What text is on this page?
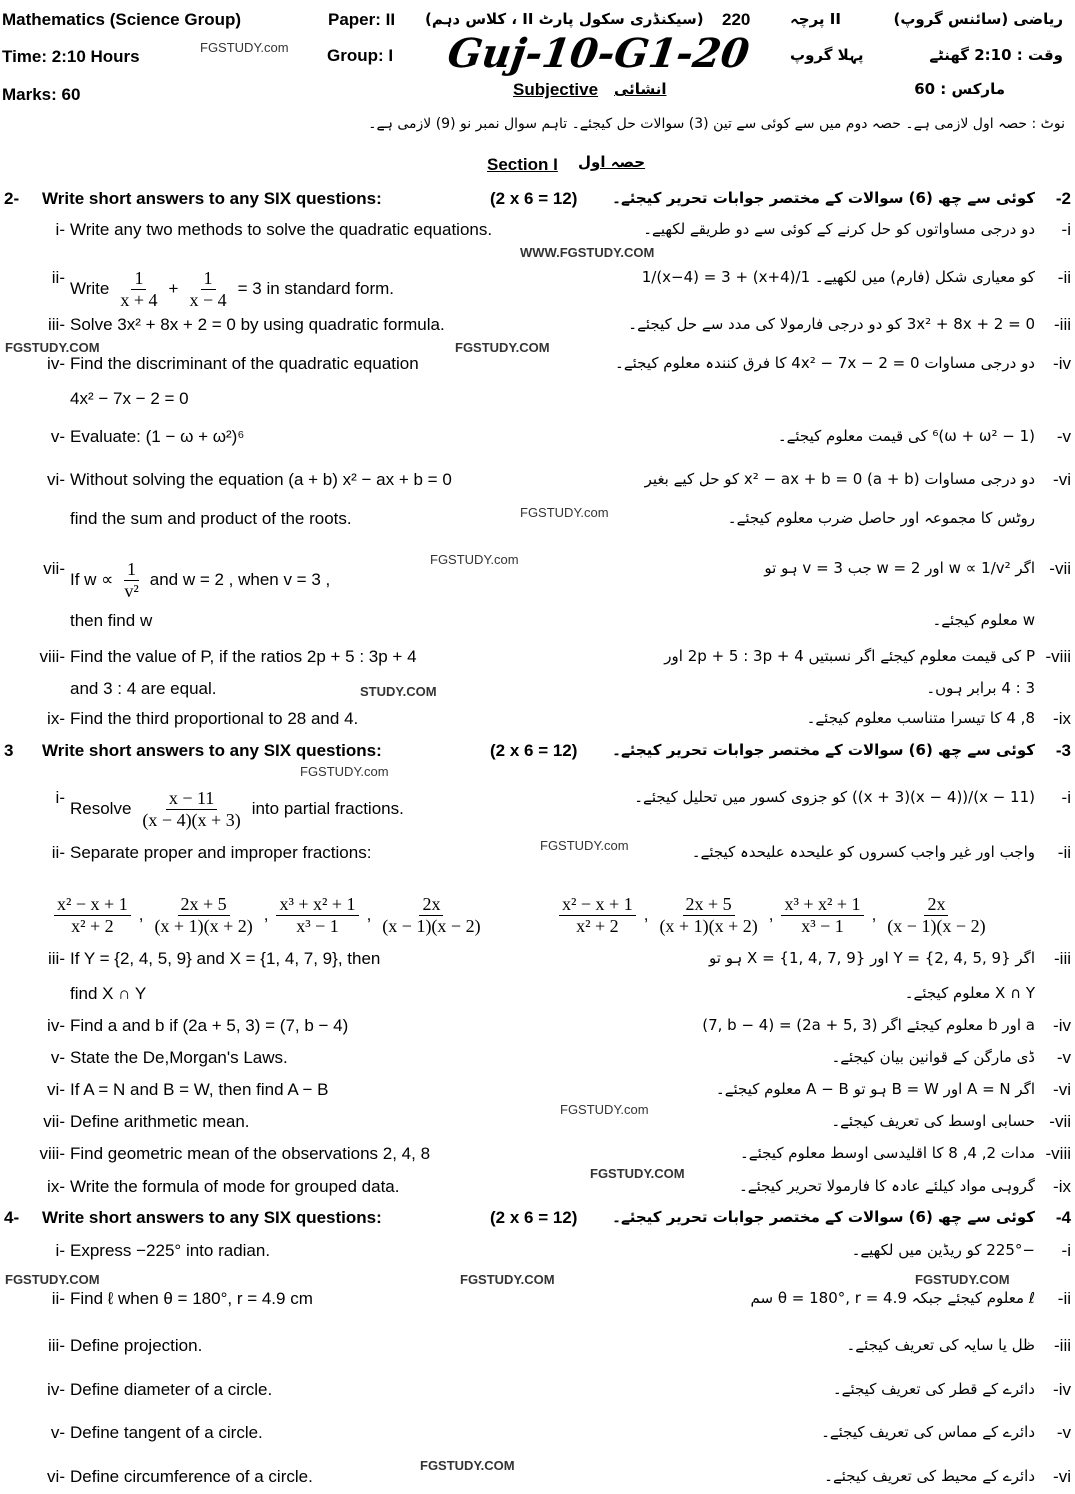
Mathematics (Science Group)
Time: 2:10 Hours
Marks: 60
Paper: II
Group: I
(سیکنڈری سکول پارٹ II ، کلاس دہم) 220	II پرچہ	ریاضی (سائنس گروپ)
Guj-10-G1-20	پہلا گروپ	وقت : 2:10 گھنٹے
Subjective انشائی	مارکس : 60
نوٹ : حصہ اول لازمی ہے۔ حصہ دوم میں سے کوئی سے تین (3) سوالات حل کیجئے۔ تاہم سوال نمبر نو (9) لازمی ہے۔
Section I حصہ اول
2- Write short answers to any SIX questions:	(2 x 6 = 12) کوئی سے چھ (6) سوالات کے مختصر جوابات تحریر کیجئے۔ -2
i- Write any two methods to solve the quadratic equations.	دو درجی مساواتوں کو حل کرنے کے کوئی سے دو طریقے لکھیے۔ -i
ii-
Write $\frac{1}{x + 4} + \frac{1}{x - 4} = 3$ in standard form.
کو معیاری شکل (فارم) میں لکھیے۔ 1/(x+4) + 1/(x−4) = 3 -ii
iii- Solve 3x² + 8x + 2 = 0 by using quadratic formula.	3x² + 8x + 2 = 0 کو دو درجی فارمولا کی مدد سے حل کیجئے۔ -iii
iv- Find the discriminant of the quadratic equation	دو درجی مساوات 4x² − 7x − 2 = 0 کا فرق کنندہ معلوم کیجئے۔ -iv
4x² − 7x − 2 = 0
v- Evaluate: (1 − ω + ω²)⁶	(1 − ω + ω²)⁶ کی قیمت معلوم کیجئے۔ -v
vi- Without solving the equation (a + b) x² − ax + b = 0	دو درجی مساوات (a + b) x² − ax + b = 0 کو حل کیے بغیر -vi
find the sum and product of the roots.	روٹس کا مجموعہ اور حاصل ضرب معلوم کیجئے۔
vii-
If $w \propto \frac{1}{\text{v²}}$ and w = 2 , when v = 3 ,
اگر w ∝ 1/v² اور w = 2 جب v = 3 ہو تو -vii
then find w	w معلوم کیجئے۔
viii- Find the value of P, if the ratios 2p + 5 : 3p + 4	P کی قیمت معلوم کیجئے اگر نسبتیں 2p + 5 : 3p + 4 اور -viii
and 3 : 4 are equal.	3 : 4 برابر ہوں۔
ix- Find the third proportional to 28 and 4.	8, 4 کا تیسرا متناسب معلوم کیجئے۔ -ix
3 Write short answers to any SIX questions:	(2 x 6 = 12) کوئی سے چھ (6) سوالات کے مختصر جوابات تحریر کیجئے۔ -3
i-
Resolve $\frac{x - 11}{(x - 4)(x + 3)}$ into partial fractions.
(x − 11)/((x − 4)(x + 3)) کو جزوی کسور میں تحلیل کیجئے۔ -i
ii- Separate proper and improper fractions:	واجب اور غیر واجب کسروں کو علیحدہ علیحدہ کیجئے۔ -ii
$\frac{\text{x² − x + 1}}{\text{x² + 2}}$ , $\frac{2x + 5}{(x + 1)(x + 2)}$ , $\frac{\text{x³ + x² + 1}}{\text{x³ − 1}}$ , $\frac{2x}{(x - 1)(x - 2)}$	$\frac{\text{x² − x + 1}}{\text{x² + 2}}$ , $\frac{2x + 5}{(x + 1)(x + 2)}$ , $\frac{\text{x³ + x² + 1}}{\text{x³ − 1}}$ , $\frac{2x}{(x - 1)(x - 2)}$
iii- If Y = {2, 4, 5, 9} and X = {1, 4, 7, 9}, then	اگر Y = {2, 4, 5, 9} اور X = {1, 4, 7, 9} ہو تو -iii
find X ∩ Y	X ∩ Y معلوم کیجئے۔
iv- Find a and b if (2a + 5, 3) = (7, b − 4)	a اور b معلوم کیجئے اگر (2a + 5, 3) = (7, b − 4) -iv
v- State the De,Morgan's Laws.	ڈی مارگن کے قوانین بیان کیجئے۔ -v
vi- If A = N and B = W, then find A − B	اگر A = N اور B = W ہو تو A − B معلوم کیجئے۔ -vi
vii- Define arithmetic mean.	حسابی اوسط کی تعریف کیجئے۔ -vii
viii- Find geometric mean of the observations 2, 4, 8	مدات 2, 4, 8 کا اقلیدسی اوسط معلوم کیجئے۔ -viii
ix- Write the formula of mode for grouped data.	گروہی مواد کیلئے عادہ کا فارمولا تحریر کیجئے۔ -ix
4- Write short answers to any SIX questions:	(2 x 6 = 12) کوئی سے چھ (6) سوالات کے مختصر جوابات تحریر کیجئے۔ -4
i- Express −225° into radian.	−225° کو ریڈین میں لکھیے۔ -i
ii- Find ℓ when θ = 180°, r = 4.9 cm	ℓ معلوم کیجئے جبکہ θ = 180°, r = 4.9 سم -ii
iii- Define projection.	ظل یا سایہ کی تعریف کیجئے۔ -iii
iv- Define diameter of a circle.	دائرے کے قطر کی تعریف کیجئے۔ -iv
v- Define tangent of a circle.	دائرے کے مماس کی تعریف کیجئے۔ -v
vi- Define circumference of a circle.	دائرے کے محیط کی تعریف کیجئے۔ -vi
FGSTUDY.com
WWW.FGSTUDY.COM
FGSTUDY.COM	FGSTUDY.COM
FGSTUDY.com
FGSTUDY.com
STUDY.COM
FGSTUDY.com
FGSTUDY.com
FGSTUDY.COM	FGSTUDY.COM	FGSTUDY.COM
FGSTUDY.com
FGSTUDY.COM
FGSTUDY.COM
